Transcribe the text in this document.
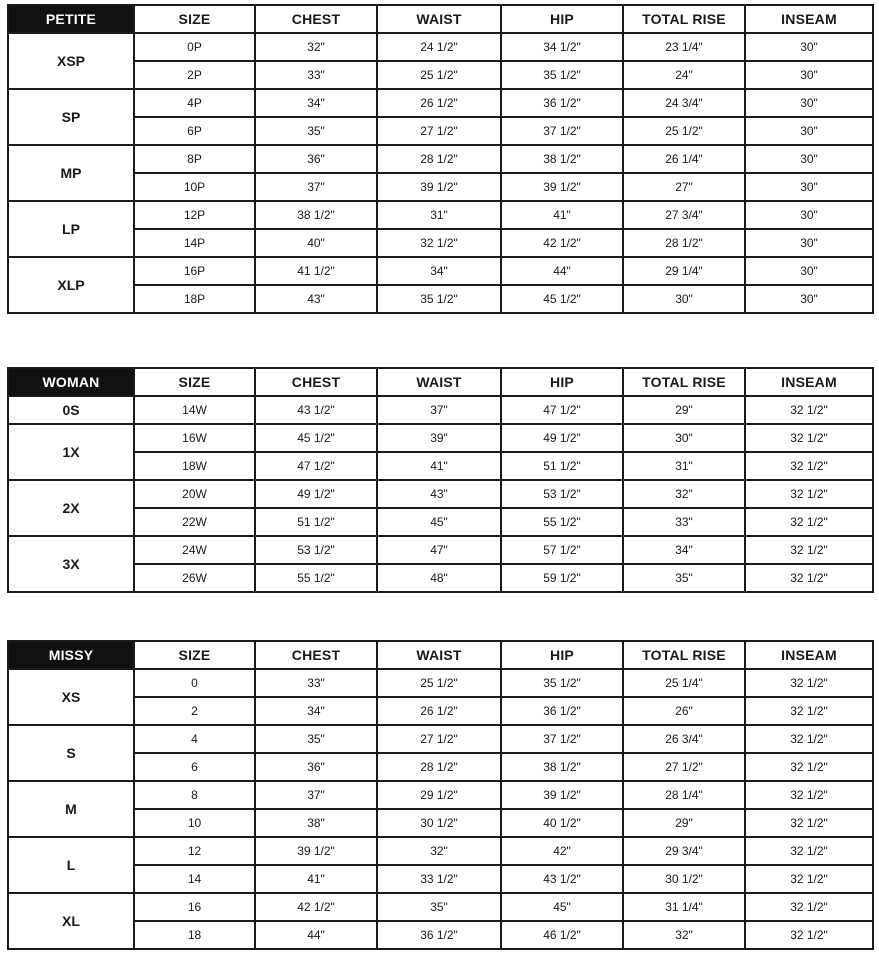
PETITE	SIZE	CHEST	WAIST	HIP	TOTAL RISE	INSEAM
XSP	0P	32"	24 1/2"	34 1/2"	23 1/4"	30"
	2P	33"	25 1/2"	35 1/2"	24"	30"
SP	4P	34"	26 1/2"	36 1/2"	24 3/4"	30"
	6P	35"	27 1/2"	37 1/2"	25 1/2"	30"
MP	8P	36"	28 1/2"	38 1/2"	26 1/4"	30"
	10P	37"	39 1/2"	39 1/2"	27"	30"
LP	12P	38 1/2"	31"	41"	27 3/4"	30"
	14P	40"	32 1/2"	42 1/2"	28 1/2"	30"
XLP	16P	41 1/2"	34"	44"	29 1/4"	30"
	18P	43"	35 1/2"	45 1/2"	30"	30"
WOMAN	SIZE	CHEST	WAIST	HIP	TOTAL RISE	INSEAM
0S	14W	43 1/2"	37"	47 1/2"	29"	32 1/2"
1X	16W	45 1/2"	39"	49 1/2"	30"	32 1/2"
	18W	47 1/2"	41"	51 1/2"	31"	32 1/2"
2X	20W	49 1/2"	43"	53 1/2"	32"	32 1/2"
	22W	51 1/2"	45"	55 1/2"	33"	32 1/2"
3X	24W	53 1/2"	47"	57 1/2"	34"	32 1/2"
	26W	55 1/2"	48"	59 1/2"	35"	32 1/2"
MISSY	SIZE	CHEST	WAIST	HIP	TOTAL RISE	INSEAM
XS	0	33"	25 1/2"	35 1/2"	25 1/4"	32 1/2"
	2	34"	26 1/2"	36 1/2"	26"	32 1/2"
S	4	35"	27 1/2"	37 1/2"	26 3/4"	32 1/2"
	6	36"	28 1/2"	38 1/2"	27 1/2"	32 1/2"
M	8	37"	29 1/2"	39 1/2"	28 1/4"	32 1/2"
	10	38"	30 1/2"	40 1/2"	29"	32 1/2"
L	12	39 1/2"	32"	42"	29 3/4"	32 1/2"
	14	41"	33 1/2"	43 1/2"	30 1/2"	32 1/2"
XL	16	42 1/2"	35"	45"	31 1/4"	32 1/2"
	18	44"	36 1/2"	46 1/2"	32"	32 1/2"
